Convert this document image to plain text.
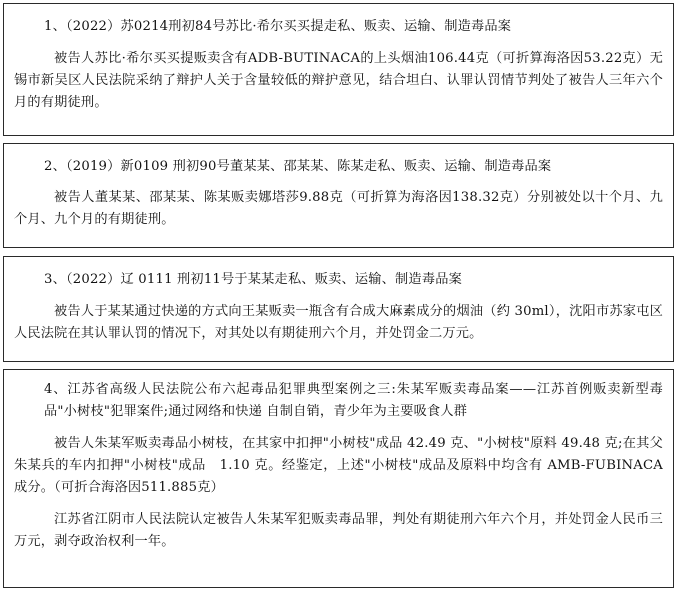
1、（2022）苏0214刑初84号苏比·希尔买买提走私、贩卖、运输、制造毒品案

被告人苏比·希尔买买提贩卖含有ADB-BUTINACA的上头烟油106.44克（可折算海洛因53.22克）无锡市新吴区人民法院采纳了辩护人关于含量较低的辩护意见，结合坦白、认罪认罚情节判处了被告人三年六个月的有期徒刑。

2、（2019）新0109 刑初90号董某某、邵某某、陈某走私、贩卖、运输、制造毒品案

被告人董某某、邵某某、陈某贩卖娜塔莎9.88克（可折算为海洛因138.32克）分别被处以十个月、九个月、九个月的有期徒刑。

3、（2022）辽 0111 刑初11号于某某走私、贩卖、运输、制造毒品案

被告人于某某通过快递的方式向王某贩卖一瓶含有合成大麻素成分的烟油（约 30ml），沈阳市苏家屯区人民法院在其认罪认罚的情况下，对其处以有期徒刑六个月，并处罚金二万元。

4、江苏省高级人民法院公布六起毒品犯罪典型案例之三:朱某军贩卖毒品案——江苏首例贩卖新型毒品"小树枝"犯罪案件;通过网络和快递 自制自销，青少年为主要吸食人群

被告人朱某军贩卖毒品小树枝，在其家中扣押"小树枝"成品 42.49 克、"小树枝"原料 49.48 克;在其父朱某兵的车内扣押"小树枝"成品　1.10 克。经鉴定，上述"小树枝"成品及原料中均含有 AMB-FUBINACA 成分。（可折合海洛因511.885克）

江苏省江阴市人民法院认定被告人朱某军犯贩卖毒品罪，判处有期徒刑六年六个月，并处罚金人民币三万元，剥夺政治权利一年。
